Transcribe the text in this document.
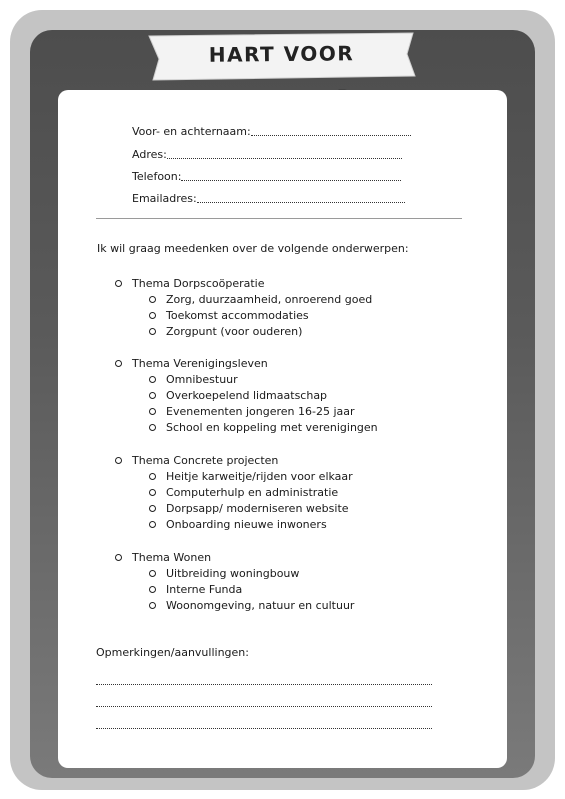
HART VOOR
Voor- en achternaam:
Adres:
Telefoon:
Emailadres:
Ik wil graag meedenken over de volgende onderwerpen:
Thema Dorpscoöperatie
Zorg, duurzaamheid, onroerend goed
Toekomst accommodaties
Zorgpunt (voor ouderen)
Thema Verenigingsleven
Omnibestuur
Overkoepelend lidmaatschap
Evenementen jongeren 16-25 jaar
School en koppeling met verenigingen
Thema Concrete projecten
Heitje karweitje/rijden voor elkaar
Computerhulp en administratie
Dorpsapp/ moderniseren website
Onboarding nieuwe inwoners
Thema Wonen
Uitbreiding woningbouw
Interne Funda
Woonomgeving, natuur en cultuur
Opmerkingen/aanvullingen:
